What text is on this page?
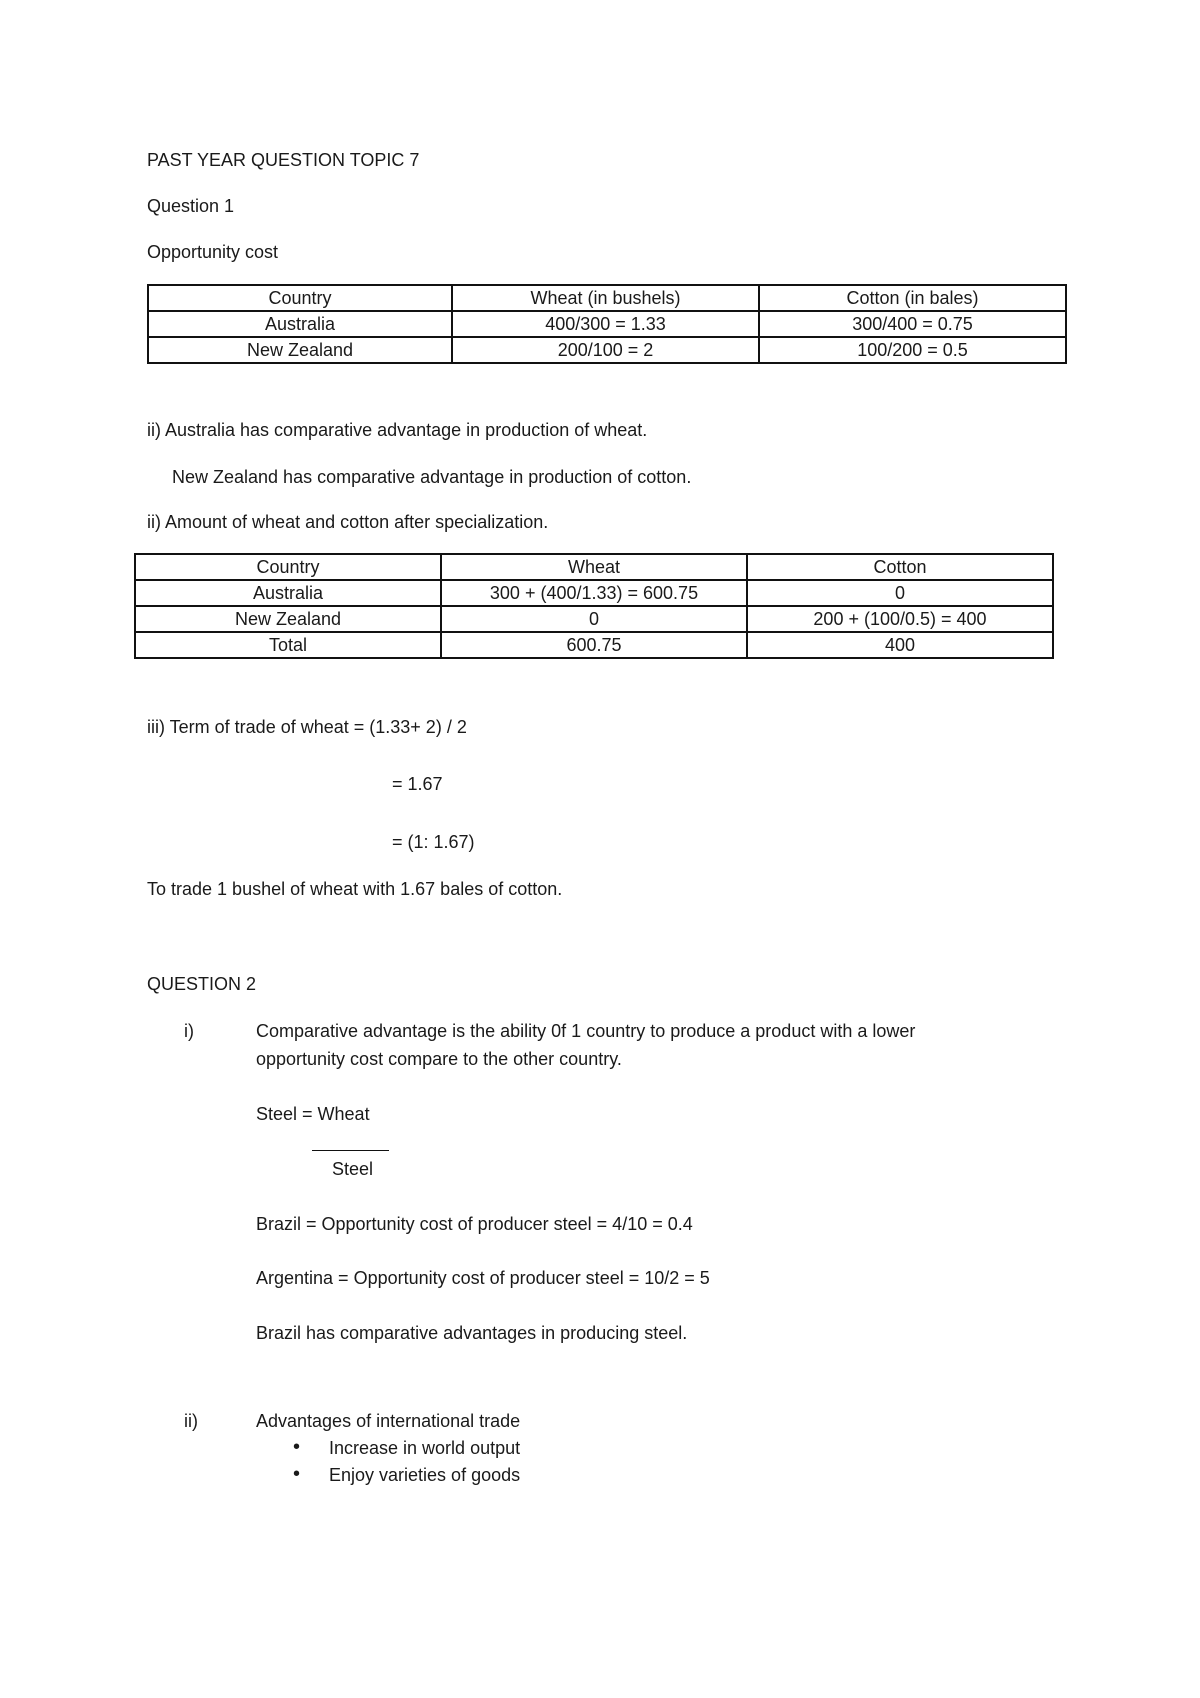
PAST YEAR QUESTION TOPIC 7
Question 1
Opportunity cost
Country	Wheat (in bushels)	Cotton (in bales)
Australia	400/300 = 1.33	300/400 = 0.75
New Zealand	200/100 = 2	100/200 = 0.5
ii) Australia has comparative advantage in production of wheat.
New Zealand has comparative advantage in production of cotton.
ii) Amount of wheat and cotton after specialization.
Country	Wheat	Cotton
Australia	300 + (400/1.33) = 600.75	0
New Zealand	0	200 + (100/0.5) = 400
Total	600.75	400
iii) Term of trade of wheat = (1.33+ 2) / 2
= 1.67
= (1: 1.67)
To trade 1 bushel of wheat with 1.67 bales of cotton.
QUESTION 2
i)	Comparative advantage is the ability 0f 1 country to produce a product with a lower
opportunity cost compare to the other country.
Steel = Wheat
Steel
Brazil = Opportunity cost of producer steel = 4/10 = 0.4
Argentina = Opportunity cost of producer steel = 10/2 = 5
Brazil has comparative advantages in producing steel.
ii)	Advantages of international trade
• Increase in world output
• Enjoy varieties of goods
